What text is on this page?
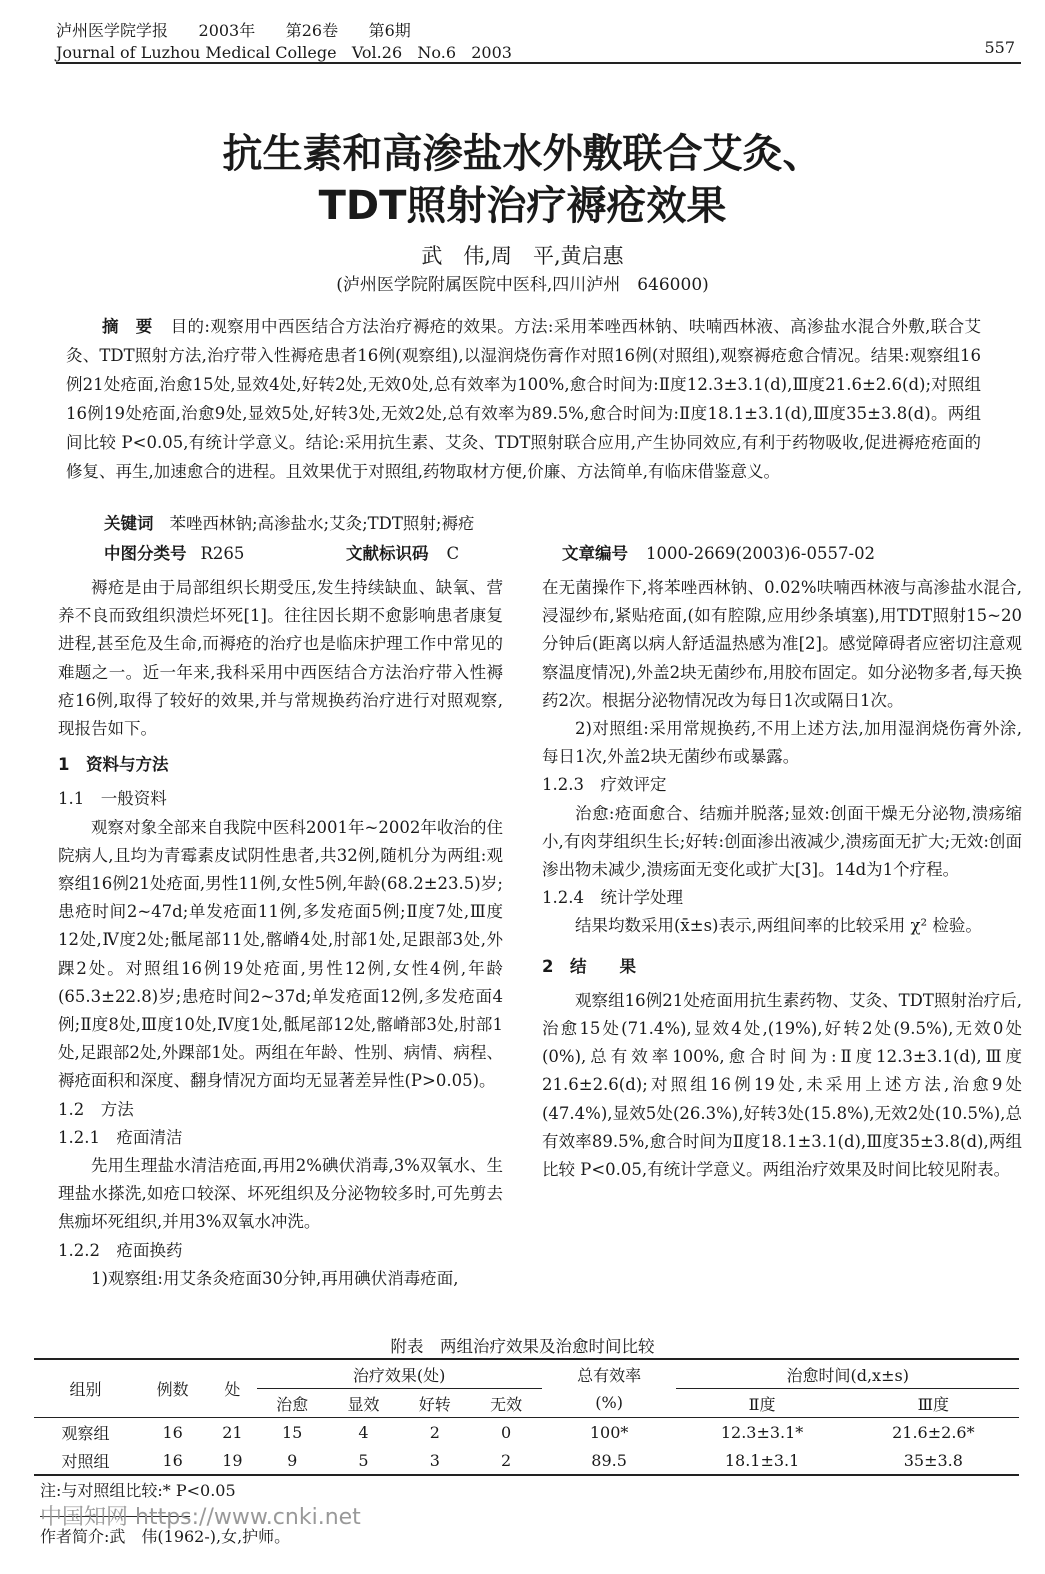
泸州医学院学报      2003年      第26卷      第6期
Journal of Luzhou Medical College   Vol.26   No.6   2003	557
抗生素和高渗盐水外敷联合艾灸、
TDT照射治疗褥疮效果
武　伟,周　平,黄启惠
(泸州医学院附属医院中医科,四川泸州　646000)
摘　要 目的:观察用中西医结合方法治疗褥疮的效果。方法:采用苯唑西林钠、呋喃西林液、高渗盐水混合外敷,联合艾灸、TDT照射方法,治疗带入性褥疮患者16例(观察组),以湿润烧伤膏作对照16例(对照组),观察褥疮愈合情况。结果:观察组16例21处疮面,治愈15处,显效4处,好转2处,无效0处,总有效率为100%,愈合时间为:Ⅱ度12.3±3.1(d),Ⅲ度21.6±2.6(d);对照组16例19处疮面,治愈9处,显效5处,好转3处,无效2处,总有效率为89.5%,愈合时间为:Ⅱ度18.1±3.1(d),Ⅲ度35±3.8(d)。两组间比较 P<0.05,有统计学意义。结论:采用抗生素、艾灸、TDT照射联合应用,产生协同效应,有利于药物吸收,促进褥疮疮面的修复、再生,加速愈合的进程。且效果优于对照组,药物取材方便,价廉、方法简单,有临床借鉴意义。
关键词 苯唑西林钠;高渗盐水;艾灸;TDT照射;褥疮
中图分类号 R265	文献标识码 C	文章编号 1000-2669(2003)6-0557-02

褥疮是由于局部组织长期受压,发生持续缺血、缺氧、营养不良而致组织溃烂坏死[1]。往往因长期不愈影响患者康复进程,甚至危及生命,而褥疮的治疗也是临床护理工作中常见的难题之一。近一年来,我科采用中西医结合方法治疗带入性褥疮16例,取得了较好的效果,并与常规换药治疗进行对照观察,现报告如下。

1　资料与方法

1.1　一般资料

观察对象全部来自我院中医科2001年~2002年收治的住院病人,且均为青霉素皮试阴性患者,共32例,随机分为两组:观察组16例21处疮面,男性11例,女性5例,年龄(68.2±23.5)岁;患疮时间2~47d;单发疮面11例,多发疮面5例;Ⅱ度7处,Ⅲ度12处,Ⅳ度2处;骶尾部11处,髂嵴4处,肘部1处,足跟部3处,外踝2处。对照组16例19处疮面,男性12例,女性4例,年龄(65.3±22.8)岁;患疮时间2~37d;单发疮面12例,多发疮面4例;Ⅱ度8处,Ⅲ度10处,Ⅳ度1处,骶尾部12处,髂嵴部3处,肘部1处,足跟部2处,外踝部1处。两组在年龄、性别、病情、病程、褥疮面积和深度、翻身情况方面均无显著差异性(P>0.05)。

1.2　方法

1.2.1　疮面清洁

先用生理盐水清洁疮面,再用2%碘伏消毒,3%双氧水、生理盐水搽洗,如疮口较深、坏死组织及分泌物较多时,可先剪去焦痂坏死组织,并用3%双氧水冲洗。

1.2.2　疮面换药

1)观察组:用艾条灸疮面30分钟,再用碘伏消毒疮面,

在无菌操作下,将苯唑西林钠、0.02%呋喃西林液与高渗盐水混合,浸湿纱布,紧贴疮面,(如有腔隙,应用纱条填塞),用TDT照射15~20分钟后(距离以病人舒适温热感为准[2]。感觉障碍者应密切注意观察温度情况),外盖2块无菌纱布,用胶布固定。如分泌物多者,每天换药2次。根据分泌物情况改为每日1次或隔日1次。

2)对照组:采用常规换药,不用上述方法,加用湿润烧伤膏外涂,每日1次,外盖2块无菌纱布或暴露。

1.2.3　疗效评定

治愈:疮面愈合、结痂并脱落;显效:创面干燥无分泌物,溃疡缩小,有肉芽组织生长;好转:创面渗出液减少,溃疡面无扩大;无效:创面渗出物未减少,溃疡面无变化或扩大[3]。14d为1个疗程。

1.2.4　统计学处理

结果均数采用(x̄±s)表示,两组间率的比较采用 χ² 检验。

2　结　　果

观察组16例21处疮面用抗生素药物、艾灸、TDT照射治疗后,治愈15处(71.4%),显效4处,(19%),好转2处(9.5%),无效0处(0%),总有效率100%,愈合时间为:Ⅱ度12.3±3.1(d),Ⅲ度21.6±2.6(d);对照组16例19处,未采用上述方法,治愈9处(47.4%),显效5处(26.3%),好转3处(15.8%),无效2处(10.5%),总有效率89.5%,愈合时间为Ⅱ度18.1±3.1(d),Ⅲ度35±3.8(d),两组比较 P<0.05,有统计学意义。两组治疗效果及时间比较见附表。

附表　两组治疗效果及治愈时间比较
组别	例数	处	治疗效果(处)				总有效率	治愈时间(d,x±s)	
			治愈	显效	好转	无效	(%)	Ⅱ度	Ⅲ度
观察组	16	21	15	4	2	0	100*	12.3±3.1*	21.6±2.6*
对照组	16	19	9	5	3	2	89.5	18.1±3.1	35±3.8
注:与对照组比较:* P<0.05
中国知网 https://www.cnki.net
作者简介:武　伟(1962-),女,护师。
